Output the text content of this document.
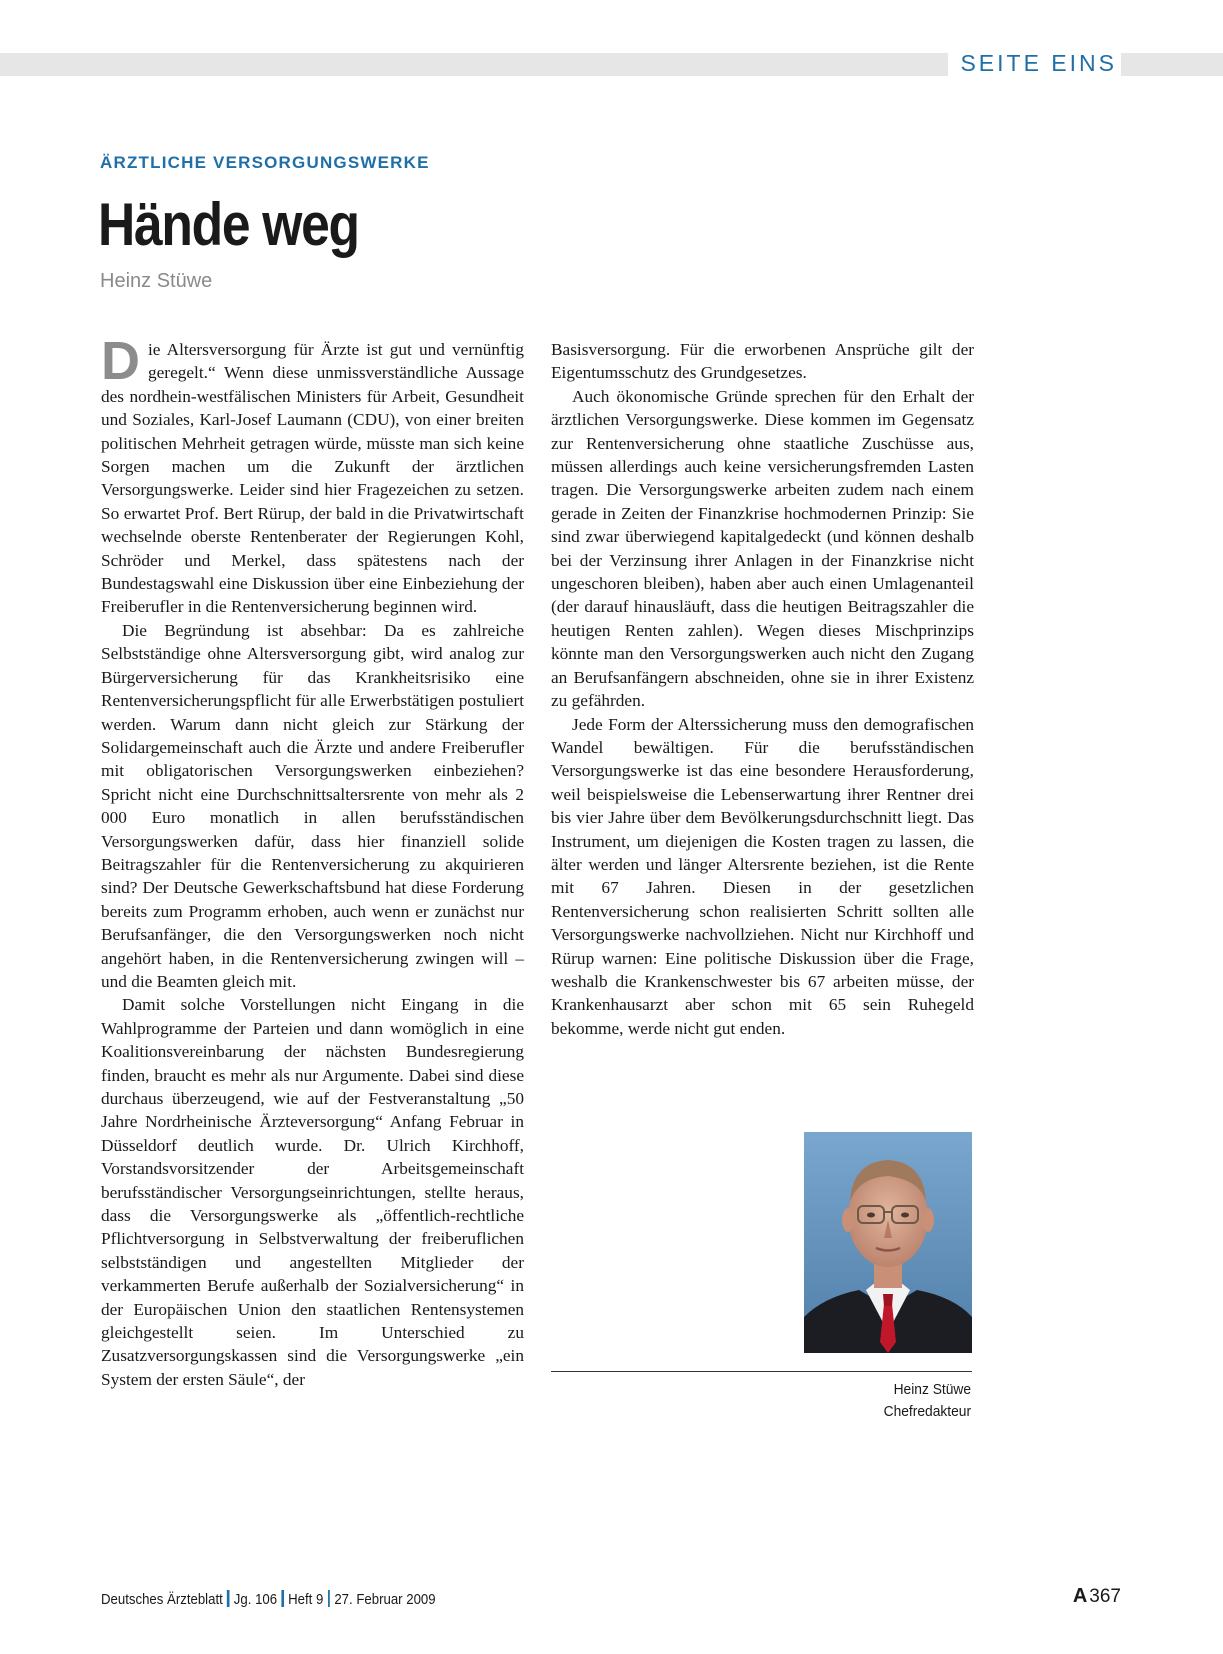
SEITE EINS
ÄRZTLICHE VERSORGUNGSWERKE
Hände weg
Heinz Stüwe

Die Altersversorgung für Ärzte ist gut und vernünftig geregelt.“ Wenn diese unmissverständliche Aussage des nordhein-westfälischen Ministers für Arbeit, Gesundheit und Soziales, Karl-Josef Laumann (CDU), von einer breiten politischen Mehrheit getragen würde, müsste man sich keine Sorgen machen um die Zukunft der ärztlichen Versorgungswerke. Leider sind hier Fragezeichen zu setzen. So erwartet Prof. Bert Rürup, der bald in die Privatwirtschaft wechselnde oberste Rentenberater der Regierungen Kohl, Schröder und Merkel, dass spätestens nach der Bundestagswahl eine Diskussion über eine Einbeziehung der Freiberufler in die Rentenversicherung beginnen wird.

Die Begründung ist absehbar: Da es zahlreiche Selbstständige ohne Altersversorgung gibt, wird analog zur Bürgerversicherung für das Krankheitsrisiko eine Rentenversicherungspflicht für alle Erwerbstätigen postuliert werden. Warum dann nicht gleich zur Stärkung der Solidargemeinschaft auch die Ärzte und andere Freiberufler mit obligatorischen Versorgungswerken einbeziehen? Spricht nicht eine Durchschnittsaltersrente von mehr als 2 000 Euro monatlich in allen berufsständischen Versorgungswerken dafür, dass hier finanziell solide Beitragszahler für die Rentenversicherung zu akquirieren sind? Der Deutsche Gewerkschaftsbund hat diese Forderung bereits zum Programm erhoben, auch wenn er zunächst nur Berufsanfänger, die den Versorgungswerken noch nicht angehört haben, in die Rentenversicherung zwingen will – und die Beamten gleich mit.

Damit solche Vorstellungen nicht Eingang in die Wahlprogramme der Parteien und dann womöglich in eine Koalitionsvereinbarung der nächsten Bundesregierung finden, braucht es mehr als nur Argumente. Dabei sind diese durchaus überzeugend, wie auf der Festveranstaltung „50 Jahre Nordrheinische Ärzteversorgung“ Anfang Februar in Düsseldorf deutlich wurde. Dr. Ulrich Kirchhoff, Vorstandsvorsitzender der Arbeitsgemeinschaft berufsständischer Versorgungseinrichtungen, stellte heraus, dass die Versorgungswerke als „öffentlich-rechtliche Pflichtversorgung in Selbstverwaltung der freiberuflichen selbstständigen und angestellten Mitglieder der verkammerten Berufe außerhalb der Sozialversicherung“ in der Europäischen Union den staatlichen Rentensystemen gleichgestellt seien. Im Unterschied zu Zusatzversorgungskassen sind die Versorgungswerke „ein System der ersten Säule“, der

Basisversorgung. Für die erworbenen Ansprüche gilt der Eigentumsschutz des Grundgesetzes.

Auch ökonomische Gründe sprechen für den Erhalt der ärztlichen Versorgungswerke. Diese kommen im Gegensatz zur Rentenversicherung ohne staatliche Zuschüsse aus, müssen allerdings auch keine versicherungsfremden Lasten tragen. Die Versorgungswerke arbeiten zudem nach einem gerade in Zeiten der Finanzkrise hochmodernen Prinzip: Sie sind zwar überwiegend kapitalgedeckt (und können deshalb bei der Verzinsung ihrer Anlagen in der Finanzkrise nicht ungeschoren bleiben), haben aber auch einen Umlagenanteil (der darauf hinausläuft, dass die heutigen Beitragszahler die heutigen Renten zahlen). Wegen dieses Mischprinzips könnte man den Versorgungswerken auch nicht den Zugang an Berufsanfängern abschneiden, ohne sie in ihrer Existenz zu gefährden.

Jede Form der Alterssicherung muss den demografischen Wandel bewältigen. Für die berufsständischen Versorgungswerke ist das eine besondere Herausforderung, weil beispielsweise die Lebenserwartung ihrer Rentner drei bis vier Jahre über dem Bevölkerungsdurchschnitt liegt. Das Instrument, um diejenigen die Kosten tragen zu lassen, die älter werden und länger Altersrente beziehen, ist die Rente mit 67 Jahren. Diesen in der gesetzlichen Rentenversicherung schon realisierten Schritt sollten alle Versorgungswerke nachvollziehen. Nicht nur Kirchhoff und Rürup warnen: Eine politische Diskussion über die Frage, weshalb die Krankenschwester bis 67 arbeiten müsse, der Krankenhausarzt aber schon mit 65 sein Ruhegeld bekomme, werde nicht gut enden.

Heinz Stüwe
Chefredakteur
Deutsches Ärzteblatt Jg. 106 Heft 9 27. Februar 2009	A 367
